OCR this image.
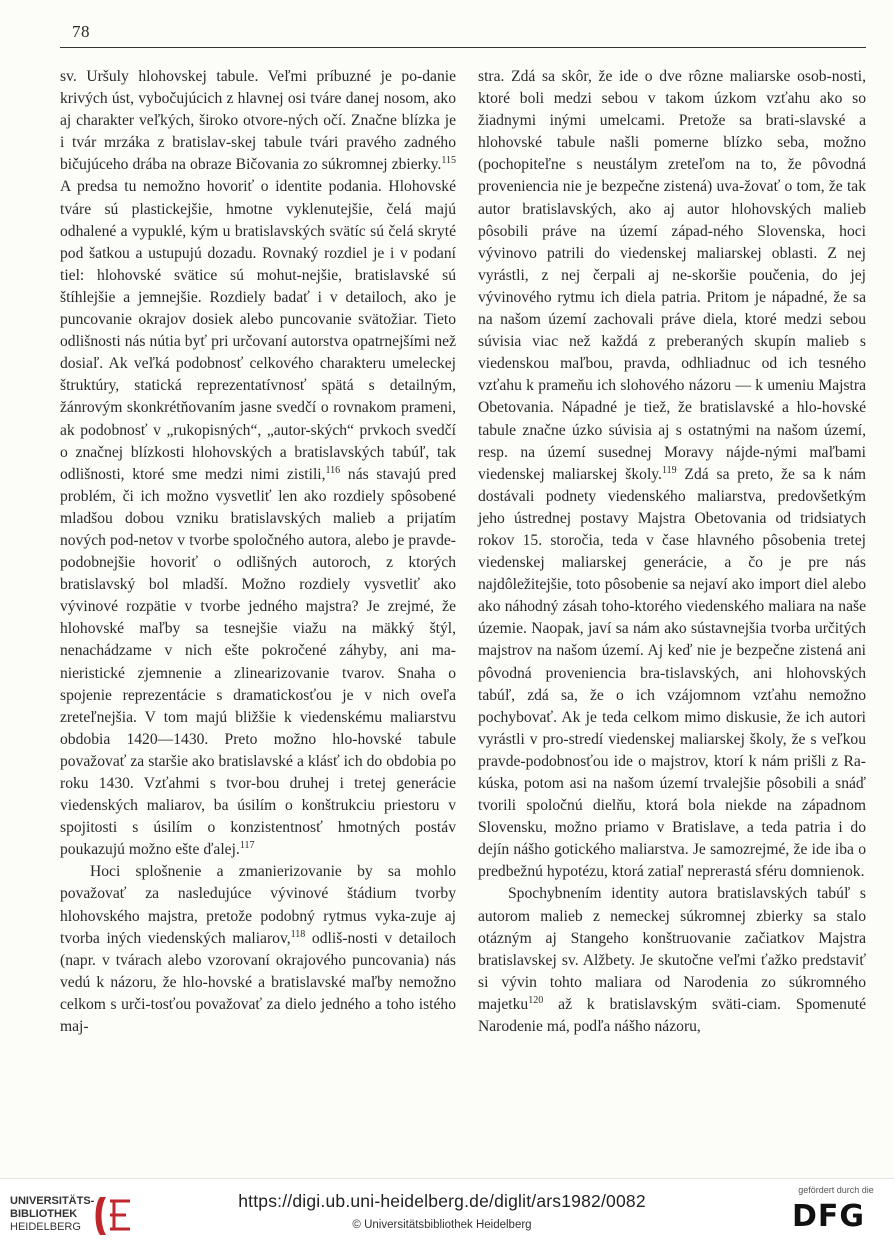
78

sv. Uršuly hlohovskej tabule. Veľmi príbuzné je po-danie krivých úst, vybočujúcich z hlavnej osi tváre danej nosom, ako aj charakter veľkých, široko otvore-ných očí. Značne blízka je i tvár mrzáka z bratislav-skej tabule tvári pravého zadného bičujúceho drába na obraze Bičovania zo súkromnej zbierky.$^{115}$ A predsa tu nemožno hovoriť o identite podania. Hlohovské tváre sú plastickejšie, hmotne vyklenutejšie, čelá majú odhalené a vypuklé, kým u bratislavských svätíc sú čelá skryté pod šatkou a ustupujú dozadu. Rovnaký rozdiel je i v podaní tiel: hlohovské svätice sú mohut-nejšie, bratislavské sú štíhlejšie a jemnejšie. Rozdiely badať i v detailoch, ako je puncovanie okrajov dosiek alebo puncovanie svätožiar. Tieto odlišnosti nás nútia byť pri určovaní autorstva opatrnejšími než dosiaľ. Ak veľká podobnosť celkového charakteru umeleckej štruktúry, statická reprezentatívnosť spätá s detailným, žánrovým skonkrétňovaním jasne svedčí o rovnakom prameni, ak podobnosť v „rukopisných“, „autor-ských“ prvkoch svedčí o značnej blízkosti hlohovských a bratislavských tabúľ, tak odlišnosti, ktoré sme medzi nimi zistili,$^{116}$ nás stavajú pred problém, či ich možno vysvetliť len ako rozdiely spôsobené mladšou dobou vzniku bratislavských malieb a prijatím nových pod-netov v tvorbe spoločného autora, alebo je pravde-podobnejšie hovoriť o odlišných autoroch, z ktorých bratislavský bol mladší. Možno rozdiely vysvetliť ako vývinové rozpätie v tvorbe jedného majstra? Je zrejmé, že hlohovské maľby sa tesnejšie viažu na mäkký štýl, nenachádzame v nich ešte pokročené záhyby, ani ma-nieristické zjemnenie a zlinearizovanie tvarov. Snaha o spojenie reprezentácie s dramatickosťou je v nich oveľa zreteľnejšia. V tom majú bližšie k viedenskému maliarstvu obdobia 1420—1430. Preto možno hlo-hovské tabule považovať za staršie ako bratislavské a klásť ich do obdobia po roku 1430. Vzťahmi s tvor-bou druhej i tretej generácie viedenských maliarov, ba úsilím o konštrukciu priestoru v spojitosti s úsilím o konzistentnosť hmotných postáv poukazujú možno ešte ďalej.$^{117}$

Hoci splošnenie a zmanierizovanie by sa mohlo považovať za nasledujúce vývinové štádium tvorby hlohovského majstra, pretože podobný rytmus vyka-zuje aj tvorba iných viedenských maliarov,$^{118}$ odliš-nosti v detailoch (napr. v tvárach alebo vzorovaní okrajového puncovania) nás vedú k názoru, že hlo-hovské a bratislavské maľby nemožno celkom s urči-tosťou považovať za dielo jedného a toho istého maj-

stra. Zdá sa skôr, že ide o dve rôzne maliarske osob-nosti, ktoré boli medzi sebou v takom úzkom vzťahu ako so žiadnymi inými umelcami. Pretože sa brati-slavské a hlohovské tabule našli pomerne blízko seba, možno (pochopiteľne s neustálym zreteľom na to, že pôvodná proveniencia nie je bezpečne zistená) uva-žovať o tom, že tak autor bratislavských, ako aj autor hlohovských malieb pôsobili práve na území západ-ného Slovenska, hoci vývinovo patrili do viedenskej maliarskej oblasti. Z nej vyrástli, z nej čerpali aj ne-skoršie poučenia, do jej vývinového rytmu ich diela patria. Pritom je nápadné, že sa na našom území zachovali práve diela, ktoré medzi sebou súvisia viac než každá z preberaných skupín malieb s viedenskou maľbou, pravda, odhliadnuc od ich tesného vzťahu k prameňu ich slohového názoru — k umeniu Majstra Obetovania. Nápadné je tiež, že bratislavské a hlo-hovské tabule značne úzko súvisia aj s ostatnými na našom území, resp. na území susednej Moravy nájde-nými maľbami viedenskej maliarskej školy.$^{119}$ Zdá sa preto, že sa k nám dostávali podnety viedenského maliarstva, predovšetkým jeho ústrednej postavy Majstra Obetovania od tridsiatych rokov 15. storočia, teda v čase hlavného pôsobenia tretej viedenskej maliarskej generácie, a čo je pre nás najdôležitejšie, toto pôsobenie sa nejaví ako import diel alebo ako náhodný zásah toho-ktorého viedenského maliara na naše územie. Naopak, javí sa nám ako sústavnejšia tvorba určitých majstrov na našom území. Aj keď nie je bezpečne zistená ani pôvodná proveniencia bra-tislavských, ani hlohovských tabúľ, zdá sa, že o ich vzájomnom vzťahu nemožno pochybovať. Ak je teda celkom mimo diskusie, že ich autori vyrástli v pro-stredí viedenskej maliarskej školy, že s veľkou pravde-podobnosťou ide o majstrov, ktorí k nám prišli z Ra-kúska, potom asi na našom území trvalejšie pôsobili a snáď tvorili spoločnú dielňu, ktorá bola niekde na západnom Slovensku, možno priamo v Bratislave, a teda patria i do dejín nášho gotického maliarstva. Je samozrejmé, že ide iba o predbežnú hypotézu, ktorá zatiaľ neprerastá sféru domnienok.

Spochybnením identity autora bratislavských tabúľ s autorom malieb z nemeckej súkromnej zbierky sa stalo otázným aj Stangeho konštruovanie začiatkov Majstra bratislavskej sv. Alžbety. Je skutočne veľmi ťažko predstaviť si vývin tohto maliara od Narodenia zo súkromného majetku$^{120}$ až k bratislavským sväti-ciam. Spomenuté Narodenie má, podľa nášho názoru,

UNIVERSITÄTS-
BIBLIOTHEK
HEIDELBERG
https://digi.ub.uni-heidelberg.de/diglit/ars1982/0082
© Universitätsbibliothek Heidelberg
gefördert durch die
DFG
